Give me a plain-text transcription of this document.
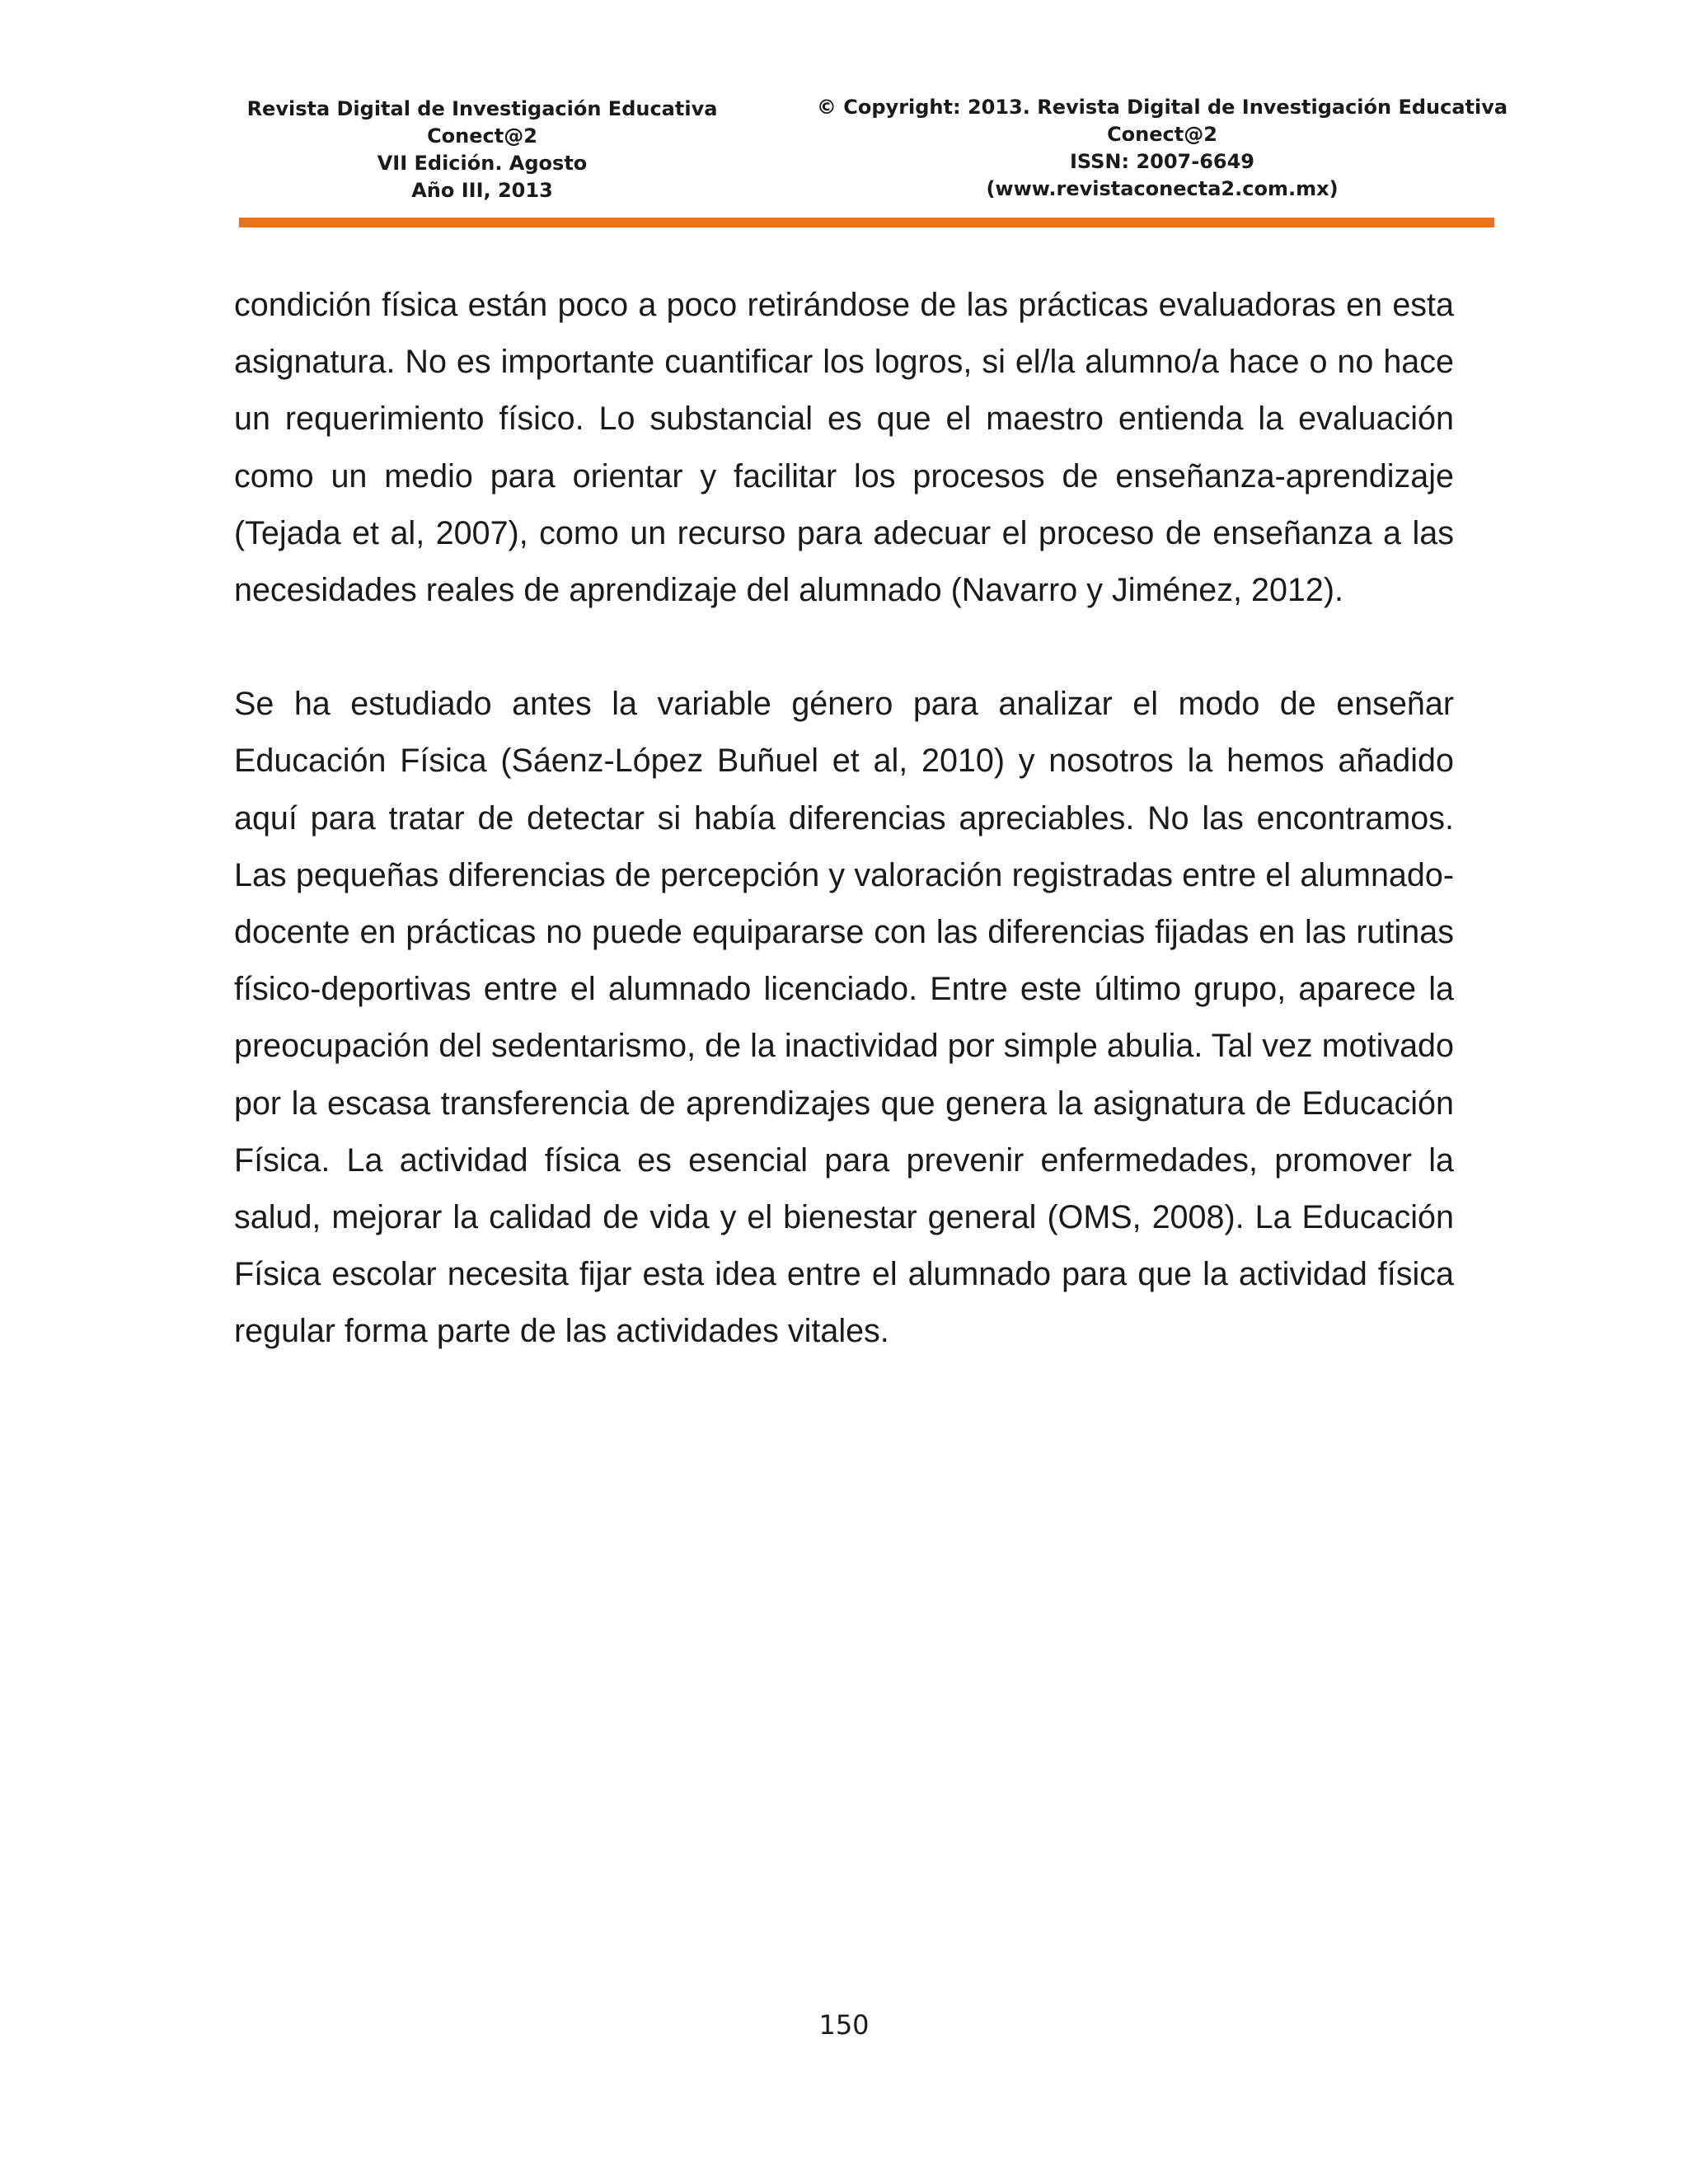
Revista Digital de Investigación Educativa
Conect@2
VII Edición. Agosto
Año III, 2013
© Copyright: 2013. Revista Digital de Investigación Educativa
Conect@2
ISSN: 2007-6649
(www.revistaconecta2.com.mx)

condición física están poco a poco retirándose de las prácticas evaluadoras en esta asignatura. No es importante cuantificar los logros, si el/la alumno/a hace o no hace un requerimiento físico. Lo substancial es que el maestro entienda la evaluación como un medio para orientar y facilitar los procesos de enseñanza-aprendizaje (Tejada et al, 2007), como un recurso para adecuar el proceso de enseñanza a las necesidades reales de aprendizaje del alumnado (Navarro y Jiménez, 2012).

Se ha estudiado antes la variable género para analizar el modo de enseñar Educación Física (Sáenz-López Buñuel et al, 2010) y nosotros la hemos añadido aquí para tratar de detectar si había diferencias apreciables. No las encontramos. Las pequeñas diferencias de percepción y valoración registradas entre el alumnado-docente en prácticas no puede equipararse con las diferencias fijadas en las rutinas físico-deportivas entre el alumnado licenciado. Entre este último grupo, aparece la preocupación del sedentarismo, de la inactividad por simple abulia. Tal vez motivado por la escasa transferencia de aprendizajes que genera la asignatura de Educación Física. La actividad física es esencial para prevenir enfermedades, promover la salud, mejorar la calidad de vida y el bienestar general (OMS, 2008). La Educación Física escolar necesita fijar esta idea entre el alumnado para que la actividad física regular forma parte de las actividades vitales.

150
